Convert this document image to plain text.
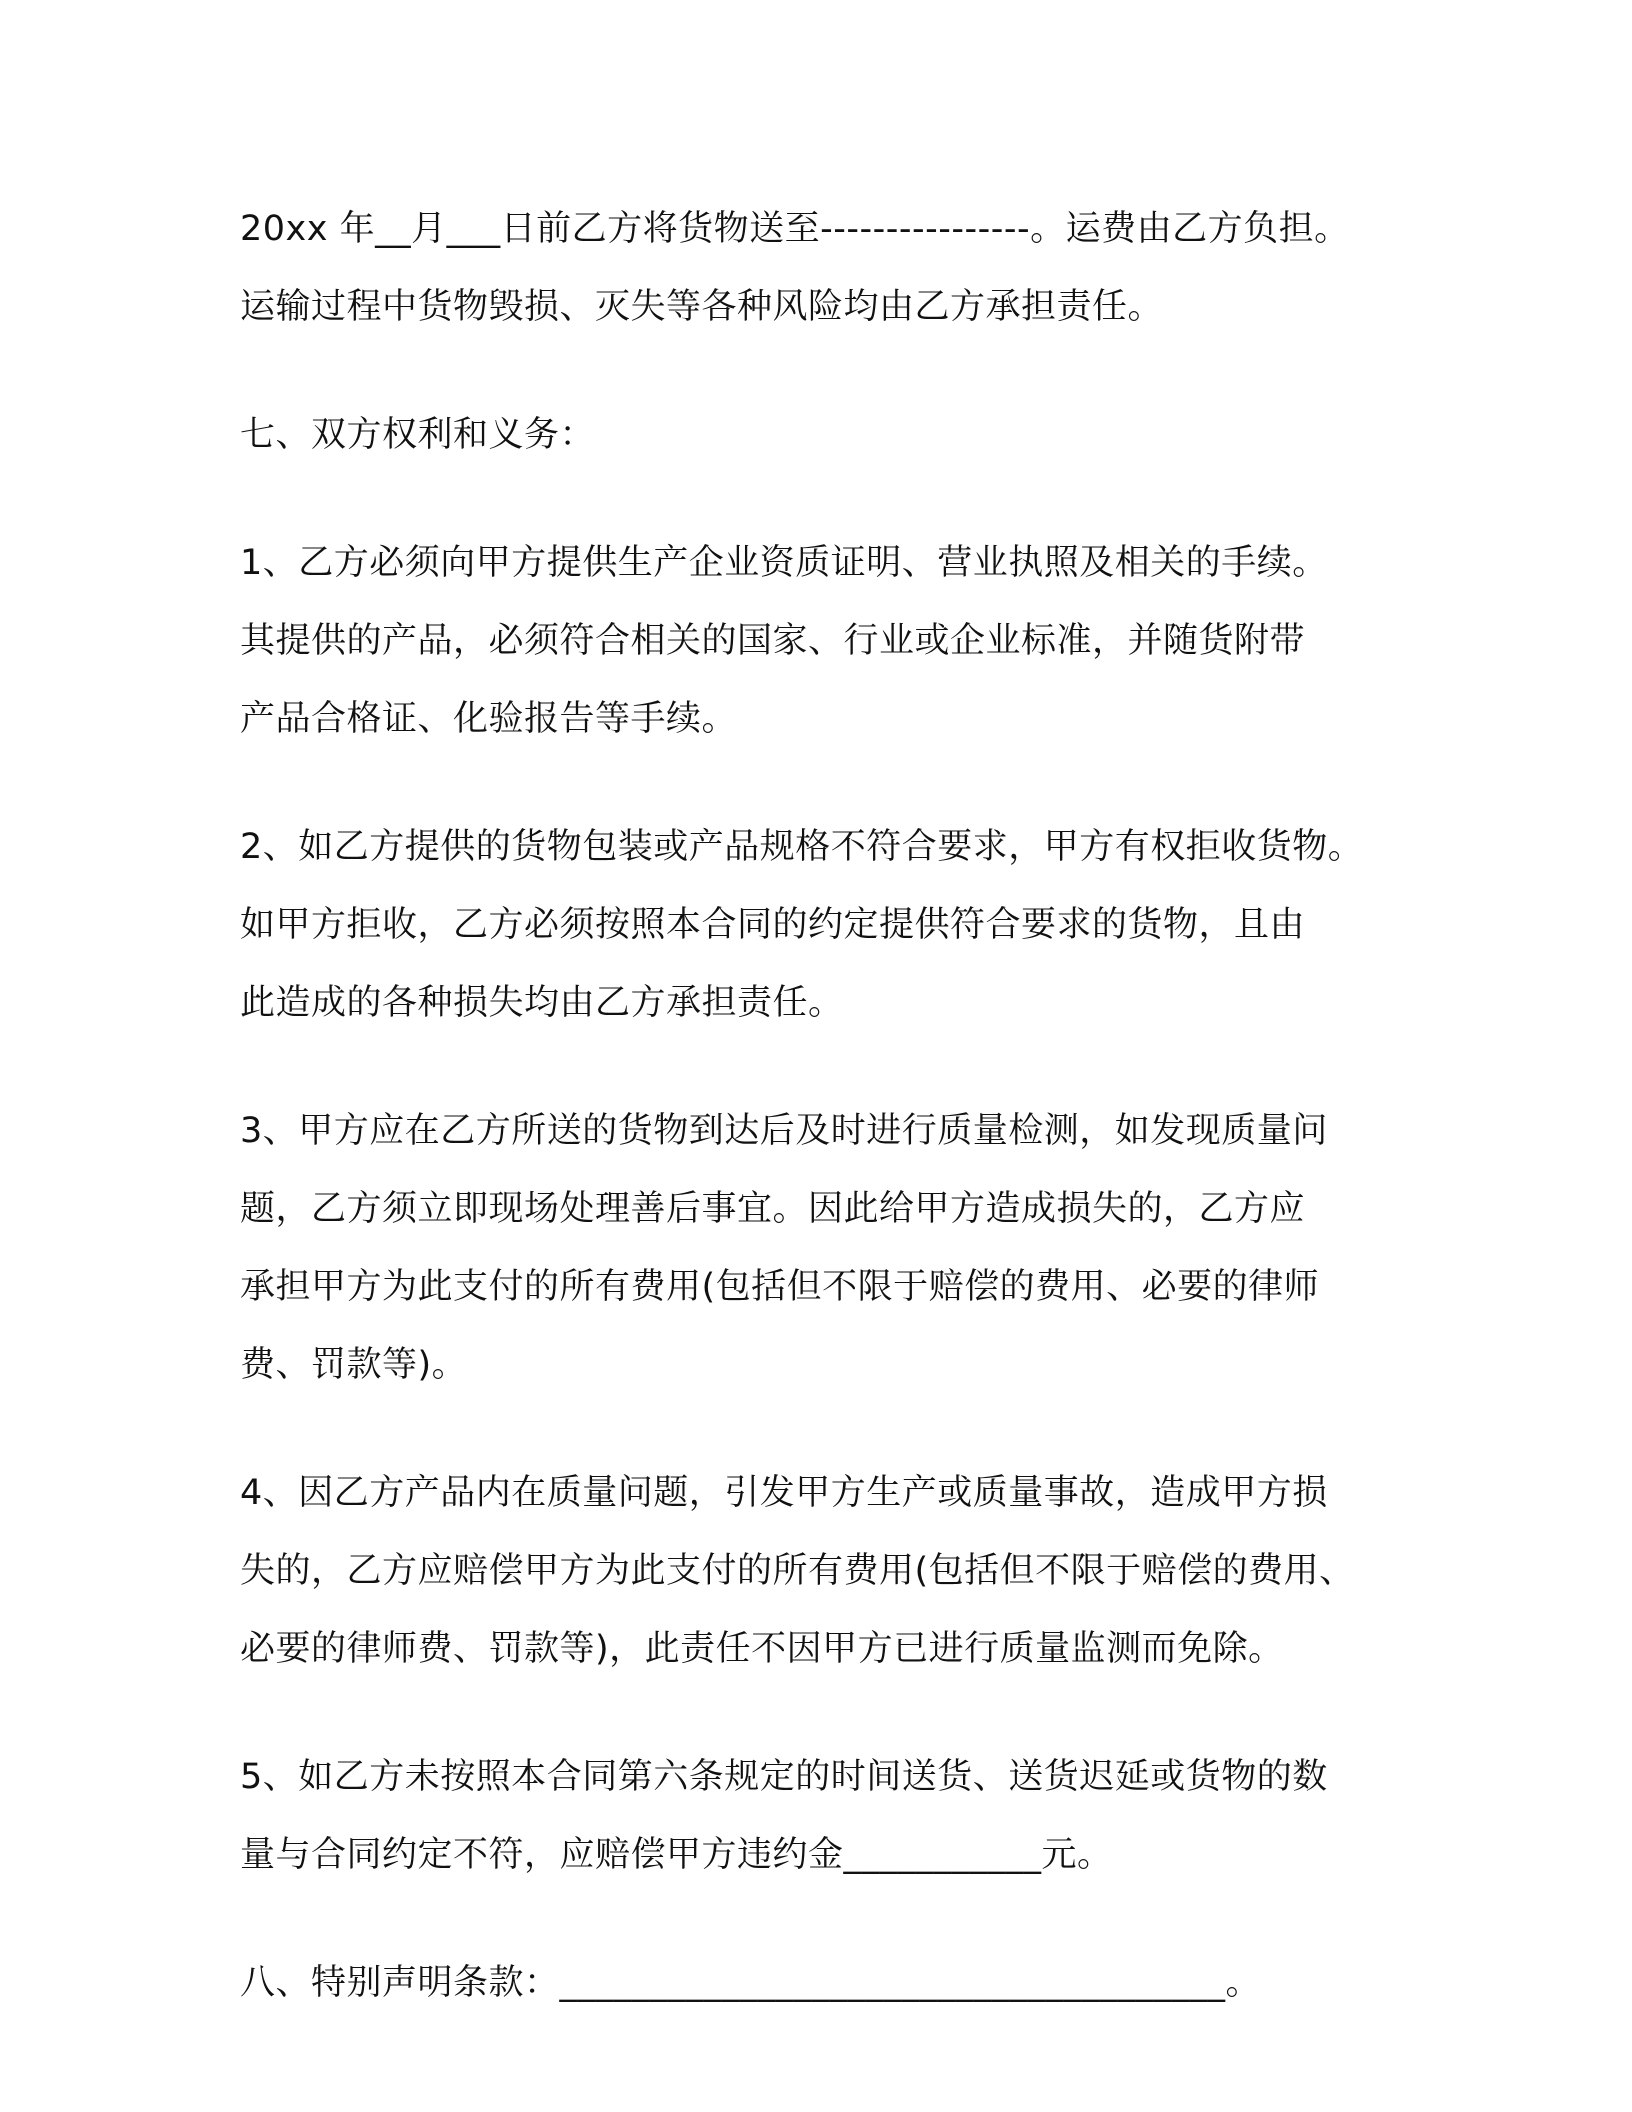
20xx 年__月___日前乙方将货物送至----------------。运费由乙方负担。
运输过程中货物毁损、灭失等各种风险均由乙方承担责任。
七、双方权利和义务：
1、乙方必须向甲方提供生产企业资质证明、营业执照及相关的手续。
其提供的产品，必须符合相关的国家、行业或企业标准，并随货附带
产品合格证、化验报告等手续。
2、如乙方提供的货物包装或产品规格不符合要求，甲方有权拒收货物。
如甲方拒收，乙方必须按照本合同的约定提供符合要求的货物，且由
此造成的各种损失均由乙方承担责任。
3、甲方应在乙方所送的货物到达后及时进行质量检测，如发现质量问
题，乙方须立即现场处理善后事宜。因此给甲方造成损失的，乙方应
承担甲方为此支付的所有费用(包括但不限于赔偿的费用、必要的律师
费、罚款等)。
4、因乙方产品内在质量问题，引发甲方生产或质量事故，造成甲方损
失的，乙方应赔偿甲方为此支付的所有费用(包括但不限于赔偿的费用、
必要的律师费、罚款等)，此责任不因甲方已进行质量监测而免除。
5、如乙方未按照本合同第六条规定的时间送货、送货迟延或货物的数
量与合同约定不符，应赔偿甲方违约金___________元。
八、特别声明条款：_____________________________________。
